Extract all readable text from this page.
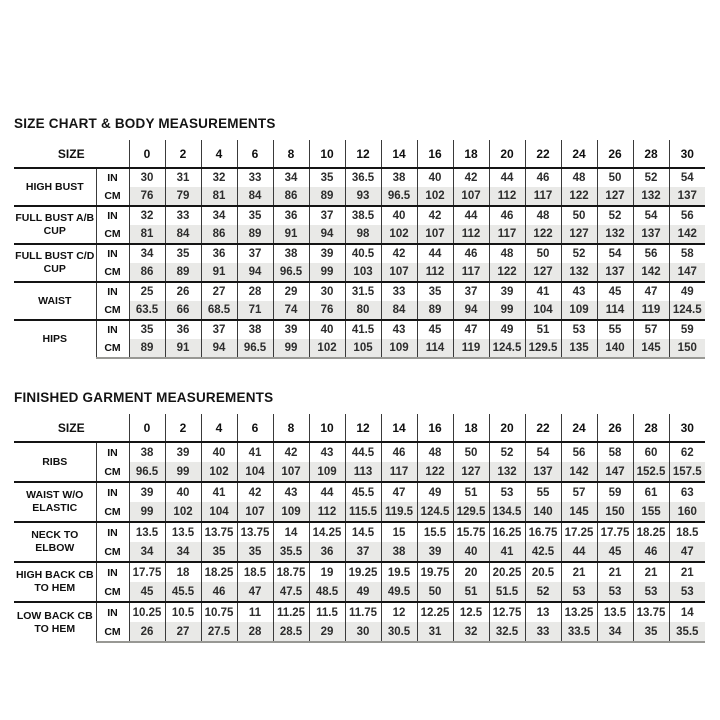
SIZE CHART & BODY MEASUREMENTS
SIZE		0	2	4	6	8	10	12	14	16	18	20	22	24	26	28	30
HIGH BUST	IN	30	31	32	33	34	35	36.5	38	40	42	44	46	48	50	52	54
	CM	76	79	81	84	86	89	93	96.5	102	107	112	117	122	127	132	137
FULL BUST A/B CUP	IN	32	33	34	35	36	37	38.5	40	42	44	46	48	50	52	54	56
	CM	81	84	86	89	91	94	98	102	107	112	117	122	127	132	137	142
FULL BUST C/D CUP	IN	34	35	36	37	38	39	40.5	42	44	46	48	50	52	54	56	58
	CM	86	89	91	94	96.5	99	103	107	112	117	122	127	132	137	142	147
WAIST	IN	25	26	27	28	29	30	31.5	33	35	37	39	41	43	45	47	49
	CM	63.5	66	68.5	71	74	76	80	84	89	94	99	104	109	114	119	124.5
HIPS	IN	35	36	37	38	39	40	41.5	43	45	47	49	51	53	55	57	59
	CM	89	91	94	96.5	99	102	105	109	114	119	124.5	129.5	135	140	145	150
FINISHED GARMENT MEASUREMENTS
SIZE		0	2	4	6	8	10	12	14	16	18	20	22	24	26	28	30
RIBS	IN	38	39	40	41	42	43	44.5	46	48	50	52	54	56	58	60	62
	CM	96.5	99	102	104	107	109	113	117	122	127	132	137	142	147	152.5	157.5
WAIST W/O ELASTIC	IN	39	40	41	42	43	44	45.5	47	49	51	53	55	57	59	61	63
	CM	99	102	104	107	109	112	115.5	119.5	124.5	129.5	134.5	140	145	150	155	160
NECK TO ELBOW	IN	13.5	13.5	13.75	13.75	14	14.25	14.5	15	15.5	15.75	16.25	16.75	17.25	17.75	18.25	18.5
	CM	34	34	35	35	35.5	36	37	38	39	40	41	42.5	44	45	46	47
HIGH BACK CB TO HEM	IN	17.75	18	18.25	18.5	18.75	19	19.25	19.5	19.75	20	20.25	20.5	21	21	21	21
	CM	45	45.5	46	47	47.5	48.5	49	49.5	50	51	51.5	52	53	53	53	53
LOW BACK CB TO HEM	IN	10.25	10.5	10.75	11	11.25	11.5	11.75	12	12.25	12.5	12.75	13	13.25	13.5	13.75	14
	CM	26	27	27.5	28	28.5	29	30	30.5	31	32	32.5	33	33.5	34	35	35.5
